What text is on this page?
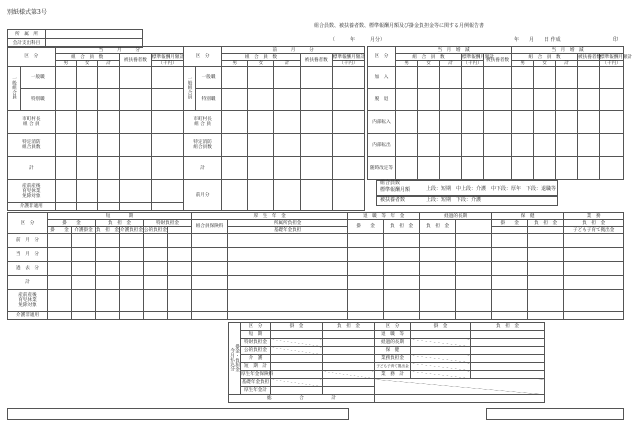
別紙様式第3号
組合員数、被扶養者数、標準報酬月額及び掛金負担金等に関する月例報告書
（　　　年　　　月分）	年　　月　　日 作成	印
所　属　所	
会計支出科目	
区　分		当　　　月　　　分					区　分		前　　　月　　　分				
		組　合　員　数			被扶養者数	標準報酬月額計			組　合　員　数			被扶養者数	標準報酬月額計
		男	女	計		（千円）			男	女	計		（千円）
一般組合員	一般職						一般組合員	一般職					
	特別職							特別職					
市町村長
組 合 員							市町村長
組 合 員						
特定消防
組合員数							特定消防
組合員数						
計							計						
産前産後
育児休業
免除対象							前月分						
介護非適用													
区　分	当　月　増　減					当　月　増　減				
	組　合　員　数			標準報酬月額計	被扶養者数	組　合　員　数			被扶養者数	標準報酬月額計
	男	女	計	（千円）		男	女	計		（千円）
加　入										
脱　退										
内部転入										
内部転出										
随時改定等										
組合員数
標準報酬月額	上段：短期　中上段：介護　中下段：厚年　下段：退職等
被扶養者数	上段：短期　下段：介護
区　分	短　　　　期						厚　生　年　金		退　職　等　年　金		経過的長期		保　健		業　務
	掛　　金		負　担　金		特財負担金		組合員保険料	所属所負担金	掛　　金	負　担　金	負　担　金		掛　　金	負　担　金	負　担　金
	掛　　金	介護掛金	負　担　金	介護負担金	公的負担金			基礎年金負担							子ども子育て拠出金
前　月　分															
当　月　分															
過　去　分															
計															
産前産後
育児休業
免除対象															
介護非適用															
今月払込分掛金・負担金	区　分	掛　金	負　担　金	区　分	掛　金	負　担　金
	短　期			退　職　等		
	特財負担金			経過的長期		
	公的負担金			保　健		
	介　護			業務負担金		
	短　期　計			子ども子育て拠出金		
	厚生年金保険料			業　務　計		
	基礎年金負担					
	厚生年金計					
総　　　　　　合　　　　　　計						
